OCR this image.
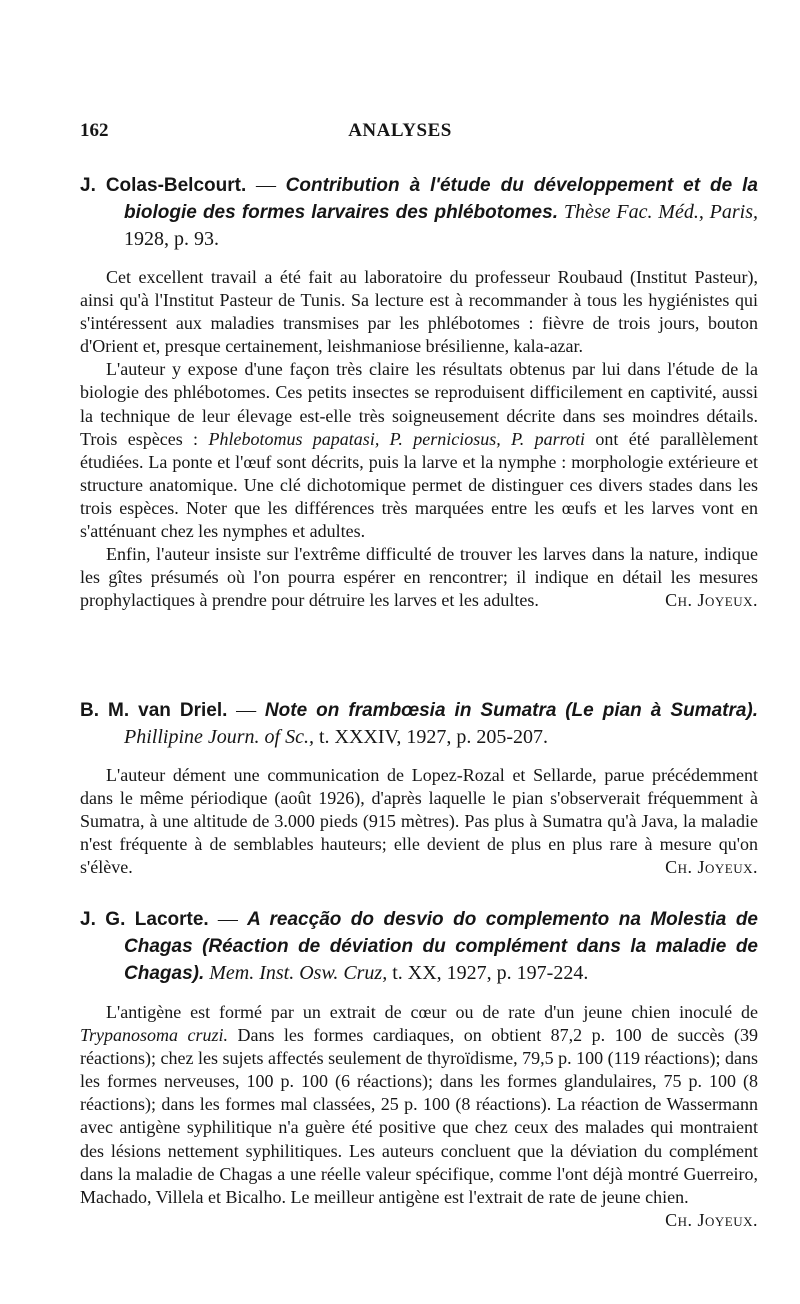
162	ANALYSES
J. Colas-Belcourt. — Contribution à l'étude du développement et de la biologie des formes larvaires des phlébotomes. Thèse Fac. Méd., Paris, 1928, p. 93.

Cet excellent travail a été fait au laboratoire du professeur Roubaud (Institut Pasteur), ainsi qu'à l'Institut Pasteur de Tunis. Sa lecture est à recommander à tous les hygiénistes qui s'intéressent aux maladies transmises par les phlébotomes : fièvre de trois jours, bouton d'Orient et, presque certainement, leishmaniose brésilienne, kala-azar.

L'auteur y expose d'une façon très claire les résultats obtenus par lui dans l'étude de la biologie des phlébotomes. Ces petits insectes se reproduisent difficilement en captivité, aussi la technique de leur élevage est-elle très soigneusement décrite dans ses moindres détails. Trois espèces : Phlebotomus papatasi, P. perniciosus, P. parroti ont été parallèlement étudiées. La ponte et l'œuf sont décrits, puis la larve et la nymphe : morphologie extérieure et structure anatomique. Une clé dichotomique permet de distinguer ces divers stades dans les trois espèces. Noter que les différences très marquées entre les œufs et les larves vont en s'atténuant chez les nymphes et adultes.

Enfin, l'auteur insiste sur l'extrême difficulté de trouver les larves dans la nature, indique les gîtes présumés où l'on pourra espérer en rencontrer; il indique en détail les mesures prophylactiques à prendre pour détruire les larves et les adultes.	Ch. Joyeux.

B. M. van Driel. — Note on frambœsia in Sumatra (Le pian à Sumatra). Phillipine Journ. of Sc., t. XXXIV, 1927, p. 205-207.

L'auteur dément une communication de Lopez-Rozal et Sellarde, parue précédemment dans le même périodique (août 1926), d'après laquelle le pian s'observerait fréquemment à Sumatra, à une altitude de 3.000 pieds (915 mètres). Pas plus à Sumatra qu'à Java, la maladie n'est fréquente à de semblables hauteurs; elle devient de plus en plus rare à mesure qu'on s'élève.	Ch. Joyeux.

J. G. Lacorte. — A reacção do desvio do complemento na Molestia de Chagas (Réaction de déviation du complément dans la maladie de Chagas). Mem. Inst. Osw. Cruz, t. XX, 1927, p. 197-224.

L'antigène est formé par un extrait de cœur ou de rate d'un jeune chien inoculé de Trypanosoma cruzi. Dans les formes cardiaques, on obtient 87,2 p. 100 de succès (39 réactions); chez les sujets affectés seulement de thyroïdisme, 79,5 p. 100 (119 réactions); dans les formes nerveuses, 100 p. 100 (6 réactions); dans les formes glandulaires, 75 p. 100 (8 réactions); dans les formes mal classées, 25 p. 100 (8 réactions). La réaction de Wassermann avec antigène syphilitique n'a guère été positive que chez ceux des malades qui montraient des lésions nettement syphilitiques. Les auteurs concluent que la déviation du complément dans la maladie de Chagas a une réelle valeur spécifique, comme l'ont déjà montré Guerreiro, Machado, Villela et Bicalho. Le meilleur antigène est l'extrait de rate de jeune chien.
Ch. Joyeux.
